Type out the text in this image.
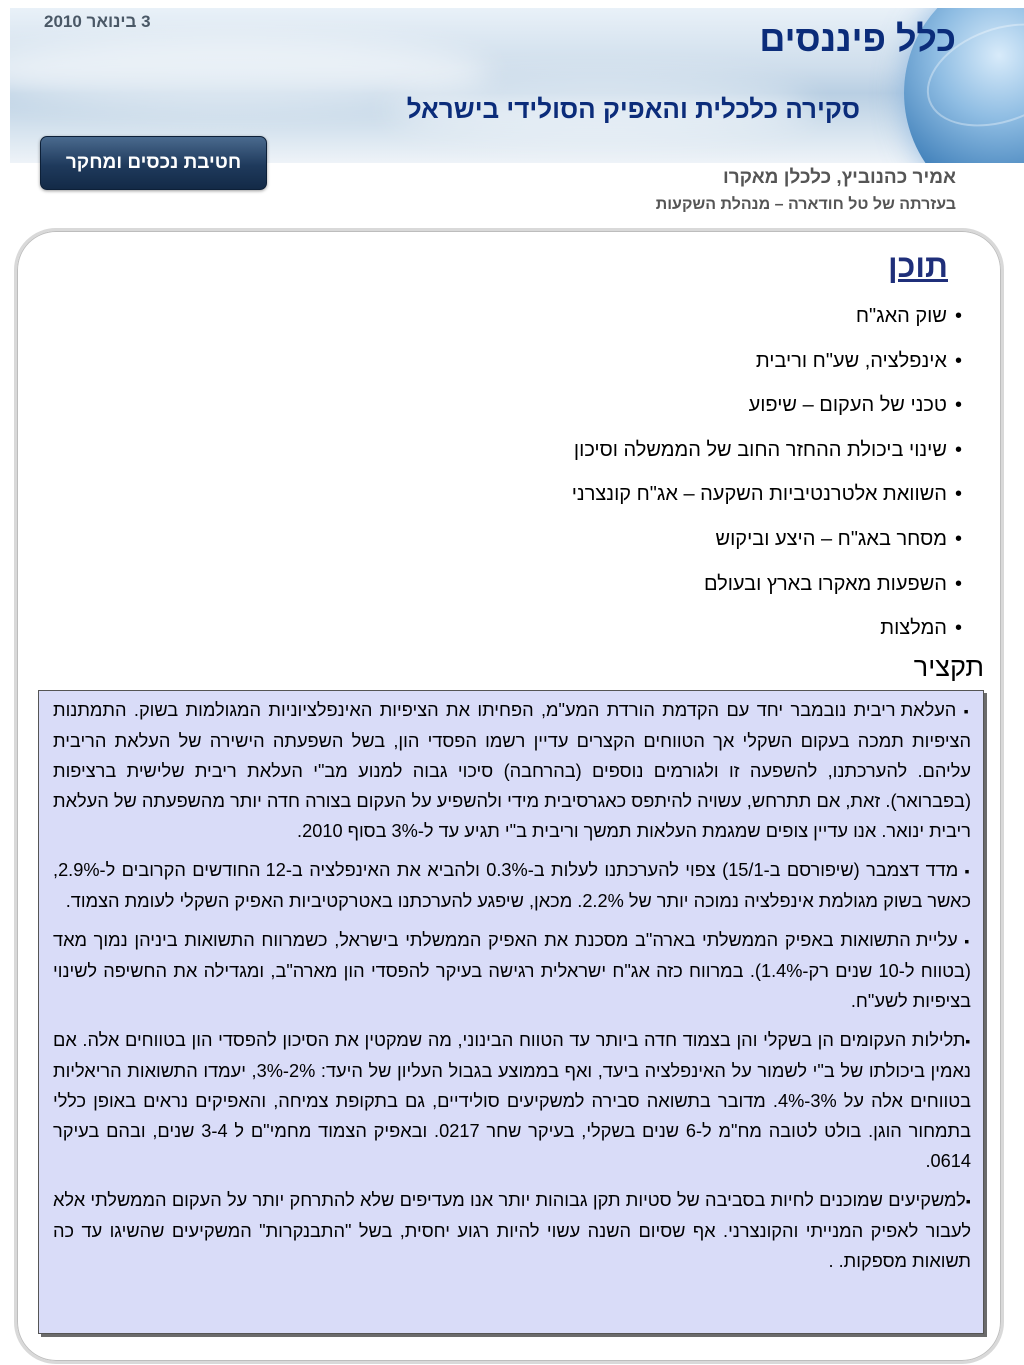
3 בינואר 2010	כלל פיננסים
סקירה כלכלית והאפיק הסולידי בישראל
חטיבת נכסים ומחקר
אמיר כהנוביץ, כלכלן מאקרו
בעזרתה של טל חודארה – מנהלת השקעות
תוכן
• שוק האג"ח
• אינפלציה, שע"ח וריבית
• טכני של העקום – שיפוע
• שינוי ביכולת ההחזר החוב של הממשלה וסיכון
• השוואת אלטרנטיביות השקעה – אג"ח קונצרני
• מסחר באג"ח – היצע וביקוש
• השפעות מאקרו בארץ ובעולם
• המלצות
תקציר

▪ העלאת ריבית נובמבר יחד עם הקדמת הורדת המע"מ, הפחיתו את הציפיות האינפלציוניות המגולמות בשוק. התמתנות הציפיות תמכה בעקום השקלי אך הטווחים הקצרים עדיין רשמו הפסדי הון, בשל השפעתה הישירה של העלאת הריבית עליהם. להערכתנו, להשפעה זו ולגורמים נוספים (בהרחבה) סיכוי גבוה למנוע מב"י העלאת ריבית שלישית ברציפות (בפברואר). זאת, אם תתרחש, עשויה להיתפס כאגרסיבית מידי ולהשפיע על העקום בצורה חדה יותר מהשפעתה של העלאת ריבית ינואר. אנו עדיין צופים שמגמת העלאות תמשך וריבית ב"י תגיע עד ל-3% בסוף 2010.

▪ מדד דצמבר (שיפורסם ב-15/1) צפוי להערכתנו לעלות ב-0.3% ולהביא את האינפלציה ב-12 החודשים הקרובים ל-2.9%, כאשר בשוק מגולמת אינפלציה נמוכה יותר של 2.2%. מכאן, שיפגע להערכתנו באטרקטיביות האפיק השקלי לעומת הצמוד.

▪ עליית התשואות באפיק הממשלתי בארה"ב מסכנת את האפיק הממשלתי בישראל, כשמרווח התשואות ביניהן נמוך מאד (בטווח ל-10 שנים רק-1.4%). במרווח כזה אג"ח ישראלית רגישה בעיקר להפסדי הון מארה"ב, ומגדילה את החשיפה לשינוי בציפיות לשע"ח.

▪תלילות העקומים הן בשקלי והן בצמוד חדה ביותר עד הטווח הבינוני, מה שמקטין את הסיכון להפסדי הון בטווחים אלה. אם נאמין ביכולתו של ב"י לשמור על האינפלציה ביעד, ואף בממוצע בגבול העליון של היעד: 2%-3%, יעמדו התשואות הריאליות בטווחים אלה על 3%-4%. מדובר בתשואה סבירה למשקיעים סולידיים, גם בתקופת צמיחה, והאפיקים נראים באופן כללי בתמחור הוגן. בולט לטובה מח"מ ל-6 שנים בשקלי, בעיקר שחר 0217. ובאפיק הצמוד מחמי"ם ל 3-4 שנים, ובהם בעיקר 0614.

▪למשקיעים שמוכנים לחיות בסביבה של סטיות תקן גבוהות יותר אנו מעדיפים שלא להתרחק יותר על העקום הממשלתי אלא לעבור לאפיק המנייתי והקונצרני. אף שסיום השנה עשוי להיות רגוע יחסית, בשל "התבנקרות" המשקיעים שהשיגו עד כה תשואות מספקות. .
